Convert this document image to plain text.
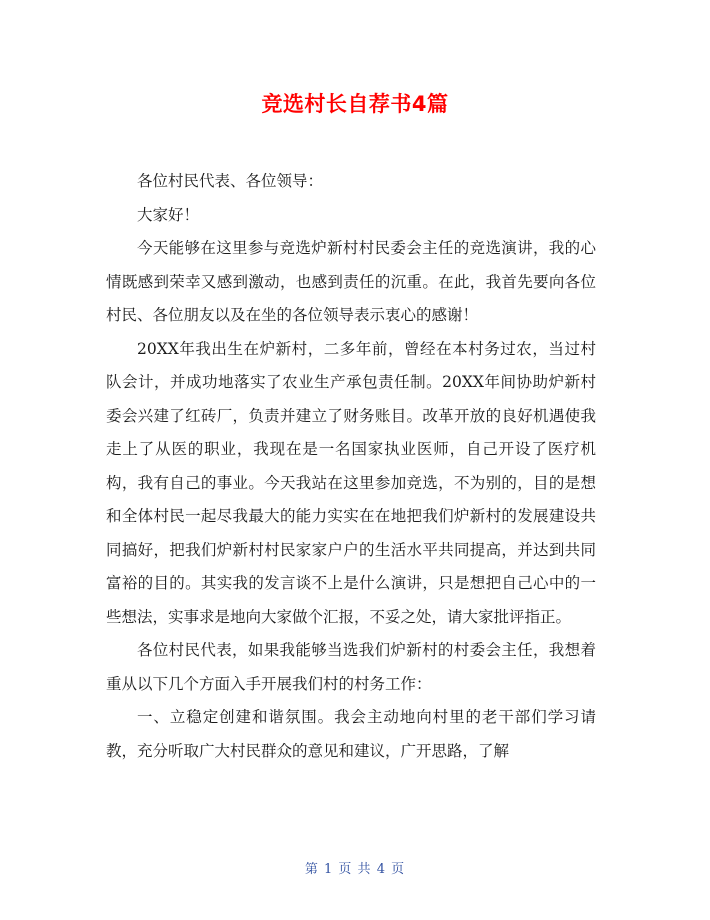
竞选村长自荐书4篇

各位村民代表、各位领导：

大家好！

今天能够在这里参与竞选炉新村村民委会主任的竞选演讲，我的心情既感到荣幸又感到激动，也感到责任的沉重。在此，我首先要向各位村民、各位朋友以及在坐的各位领导表示衷心的感谢！

20XX年我出生在炉新村，二多年前，曾经在本村务过农，当过村队会计，并成功地落实了农业生产承包责任制。20XX年间协助炉新村委会兴建了红砖厂，负责并建立了财务账目。改革开放的良好机遇使我走上了从医的职业，我现在是一名国家执业医师，自己开设了医疗机构，我有自己的事业。今天我站在这里参加竞选，不为别的，目的是想和全体村民一起尽我最大的能力实实在在地把我们炉新村的发展建设共同搞好，把我们炉新村村民家家户户的生活水平共同提高，并达到共同富裕的目的。其实我的发言谈不上是什么演讲，只是想把自己心中的一些想法，实事求是地向大家做个汇报，不妥之处，请大家批评指正。

各位村民代表，如果我能够当选我们炉新村的村委会主任，我想着重从以下几个方面入手开展我们村的村务工作：

一、立稳定创建和谐氛围。我会主动地向村里的老干部们学习请教，充分听取广大村民群众的意见和建议，广开思路，了解

第 1 页 共 4 页
